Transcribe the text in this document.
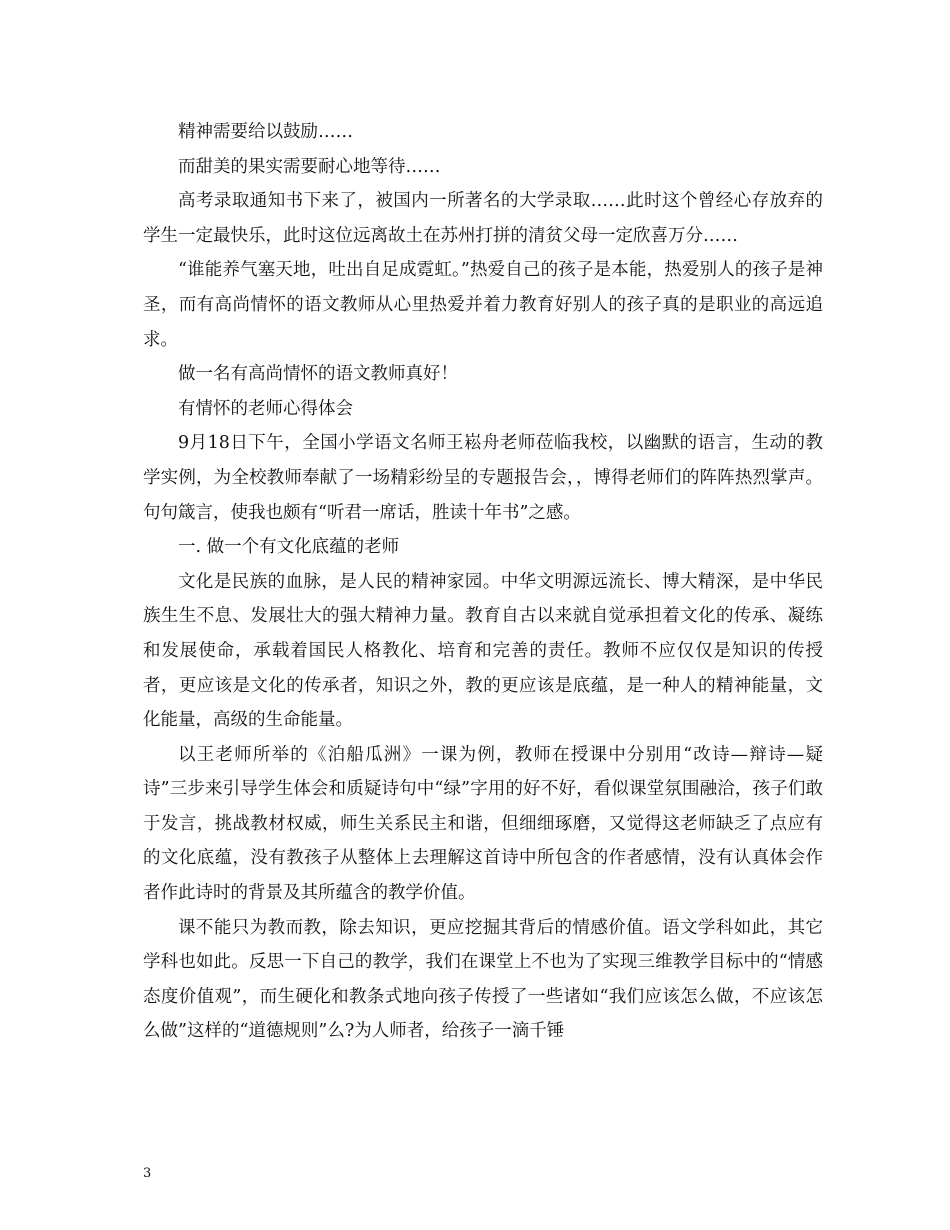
精神需要给以鼓励……

而甜美的果实需要耐心地等待……

高考录取通知书下来了，被国内一所著名的大学录取……此时这个曾经心存放弃的学生一定最快乐，此时这位远离故土在苏州打拼的清贫父母一定欣喜万分……

“谁能养气塞天地，吐出自足成霓虹。”热爱自己的孩子是本能，热爱别人的孩子是神圣，而有高尚情怀的语文教师从心里热爱并着力教育好别人的孩子真的是职业的高远追求。

做一名有高尚情怀的语文教师真好！

有情怀的老师心得体会

9月18日下午，全国小学语文名师王崧舟老师莅临我校，以幽默的语言，生动的教学实例，为全校教师奉献了一场精彩纷呈的专题报告会，，博得老师们的阵阵热烈掌声。句句箴言，使我也颇有“听君一席话，胜读十年书”之感。

一. 做一个有文化底蕴的老师

文化是民族的血脉，是人民的精神家园。中华文明源远流长、博大精深，是中华民族生生不息、发展壮大的强大精神力量。教育自古以来就自觉承担着文化的传承、凝练和发展使命，承载着国民人格教化、培育和完善的责任。教师不应仅仅是知识的传授者，更应该是文化的传承者，知识之外，教的更应该是底蕴，是一种人的精神能量，文化能量，高级的生命能量。

以王老师所举的《泊船瓜洲》一课为例，教师在授课中分别用“改诗—辩诗—疑诗”三步来引导学生体会和质疑诗句中“绿”字用的好不好，看似课堂氛围融洽，孩子们敢于发言，挑战教材权威，师生关系民主和谐，但细细琢磨，又觉得这老师缺乏了点应有的文化底蕴，没有教孩子从整体上去理解这首诗中所包含的作者感情，没有认真体会作者作此诗时的背景及其所蕴含的教学价值。

课不能只为教而教，除去知识，更应挖掘其背后的情感价值。语文学科如此，其它学科也如此。反思一下自己的教学，我们在课堂上不也为了实现三维教学目标中的“情感态度价值观”，而生硬化和教条式地向孩子传授了一些诸如“我们应该怎么做，不应该怎么做”这样的“道德规则”么?为人师者，给孩子一滴千锤

3
